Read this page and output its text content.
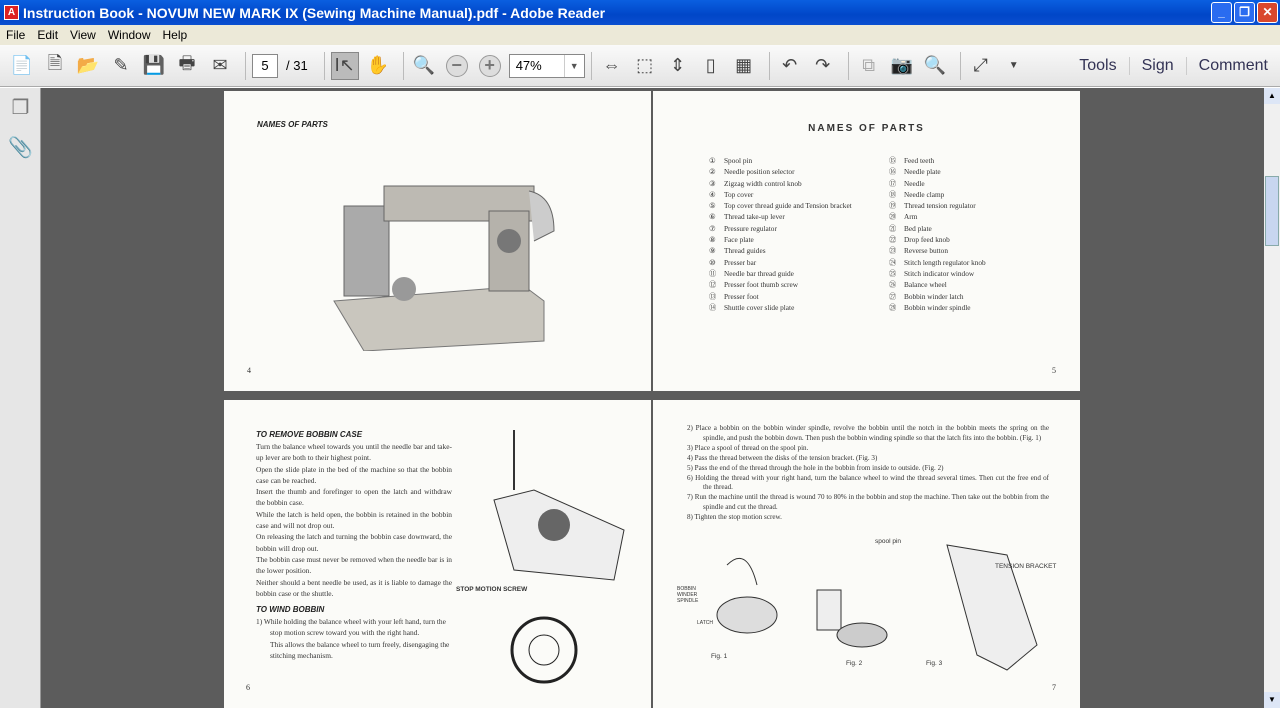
A Instruction Book - NOVUM NEW MARK IX (Sewing Machine Manual).pdf - Adobe Reader	_	❐	✕
File	Edit	View	Window	Help
📄 🗎 📂 ✎ 💾 🖶 ✉	5	/ 31 I↖ ✋ 🔍 −	+	47%	▼ ⇔ ⬚ ⇕	▯	▦	↶ ↷	⧉ 📷 🔍	⤢	▼	Tools	Sign	Comment
❐
📎
NAMES OF PARTS
4
NAMES OF PARTS
① Spool pin
② Needle position selector
③ Zigzag width control knob
④ Top cover
⑤ Top cover thread guide and Tension bracket
⑥ Thread take-up lever
⑦ Pressure regulator
⑧ Face plate
⑨ Thread guides
⑩ Presser bar
⑪ Needle bar thread guide
⑫ Presser foot thumb screw
⑬ Presser foot
⑭ Shuttle cover slide plate
⑮ Feed teeth
⑯ Needle plate
⑰ Needle
⑱ Needle clamp
⑲ Thread tension regulator
⑳ Arm
㉑ Bed plate
㉒ Drop feed knob
㉓ Reverse button
㉔ Stitch length regulator knob
㉕ Stitch indicator window
㉖ Balance wheel
㉗ Bobbin winder latch
㉘ Bobbin winder spindle
5
TO REMOVE BOBBIN CASE
Turn the balance wheel towards you until the needle bar and take-up lever are both to their highest point.
Open the slide plate in the bed of the machine so that the bobbin case can be reached.
Insert the thumb and forefinger to open the latch and withdraw the bobbin case.
While the latch is held open, the bobbin is retained in the bobbin case and will not drop out.
On releasing the latch and turning the bobbin case downward, the bobbin will drop out.
The bobbin case must never be removed when the needle bar is in the lower position.
Neither should a bent needle be used, as it is liable to damage the bobbin case or the shuttle.
TO WIND BOBBIN
1) While holding the balance wheel with your left hand, turn the stop motion screw toward you with the right hand.
This allows the balance wheel to turn freely, disengaging the stitching mechanism.
STOP MOTION SCREW
6
2) Place a bobbin on the bobbin winder spindle, revolve the bobbin until the notch in the bobbin meets the spring on the spindle, and push the bobbin down. Then push the bobbin winding spindle so that the latch fits into the bobbin. (Fig. 1)
3) Place a spool of thread on the spool pin.
4) Pass the thread between the disks of the tension bracket. (Fig. 3)
5) Pass the end of the thread through the hole in the bobbin from inside to outside. (Fig. 2)
6) Holding the thread with your right hand, turn the balance wheel to wind the thread several times. Then cut the free end of the thread.
7) Run the machine until the thread is wound 70 to 80% in the bobbin and stop the machine. Then take out the bobbin from the spindle and cut the thread.
8) Tighten the stop motion screw.
spool pin
TENSION BRACKET
BOBBIN WINDER SPINDLE
LATCH
Fig. 1
Fig. 2	Fig. 3
7
▲
▼
